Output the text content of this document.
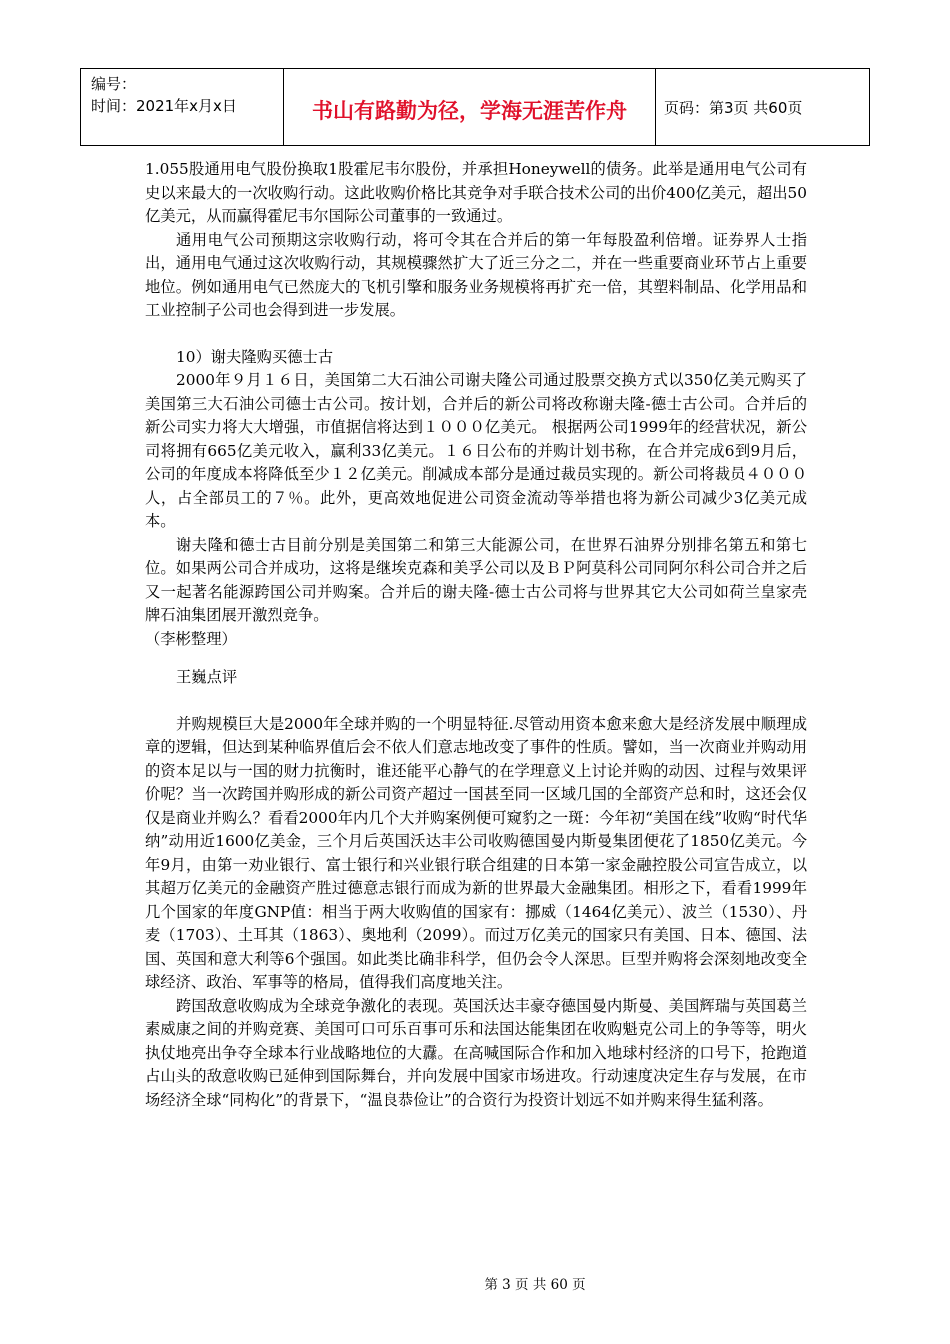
编号：
时间：2021年x月x日	书山有路勤为径，学海无涯苦作舟	页码：第3页 共60页

1.055股通用电气股份换取1股霍尼韦尔股份，并承担Honeywell的债务。此举是通用电气公司有史以来最大的一次收购行动。这此收购价格比其竞争对手联合技术公司的出价400亿美元，超出50亿美元，从而赢得霍尼韦尔国际公司董事的一致通过。

通用电气公司预期这宗收购行动，将可令其在合并后的第一年每股盈利倍增。证券界人士指出，通用电气通过这次收购行动，其规模骤然扩大了近三分之二，并在一些重要商业环节占上重要地位。例如通用电气已然庞大的飞机引擎和服务业务规模将再扩充一倍，其塑料制品、化学用品和工业控制子公司也会得到进一步发展。

10）谢夫隆购买德士古

2000年９月１６日，美国第二大石油公司谢夫隆公司通过股票交换方式以350亿美元购买了美国第三大石油公司德士古公司。按计划，合并后的新公司将改称谢夫隆-德士古公司。合并后的新公司实力将大大增强，市值据信将达到１０００亿美元。 根据两公司1999年的经营状况，新公司将拥有665亿美元收入，赢利33亿美元。１６日公布的并购计划书称，在合并完成6到9月后，公司的年度成本将降低至少１２亿美元。削减成本部分是通过裁员实现的。新公司将裁员４０００人，占全部员工的７％。此外，更高效地促进公司资金流动等举措也将为新公司减少3亿美元成本。

谢夫隆和德士古目前分别是美国第二和第三大能源公司，在世界石油界分别排名第五和第七位。如果两公司合并成功，这将是继埃克森和美孚公司以及ＢＰ阿莫科公司同阿尔科公司合并之后又一起著名能源跨国公司并购案。合并后的谢夫隆-德士古公司将与世界其它大公司如荷兰皇家壳牌石油集团展开激烈竞争。

（李彬整理）

王巍点评

并购规模巨大是2000年全球并购的一个明显特征.尽管动用资本愈来愈大是经济发展中顺理成章的逻辑，但达到某种临界值后会不依人们意志地改变了事件的性质。譬如，当一次商业并购动用的资本足以与一国的财力抗衡时，谁还能平心静气的在学理意义上讨论并购的动因、过程与效果评价呢？当一次跨国并购形成的新公司资产超过一国甚至同一区域几国的全部资产总和时，这还会仅仅是商业并购么？看看2000年内几个大并购案例便可窥豹之一斑：今年初“美国在线”收购“时代华纳”动用近1600亿美金，三个月后英国沃达丰公司收购德国曼内斯曼集团便花了1850亿美元。今年9月，由第一劝业银行、富士银行和兴业银行联合组建的日本第一家金融控股公司宣告成立，以其超万亿美元的金融资产胜过德意志银行而成为新的世界最大金融集团。相形之下，看看1999年几个国家的年度GNP值：相当于两大收购值的国家有：挪威（1464亿美元）、波兰（1530）、丹麦（1703）、土耳其（1863）、奥地利（2099）。而过万亿美元的国家只有美国、日本、德国、法国、英国和意大利等6个强国。如此类比确非科学，但仍会令人深思。巨型并购将会深刻地改变全球经济、政治、军事等的格局，值得我们高度地关注。

跨国敌意收购成为全球竞争激化的表现。英国沃达丰豪夺德国曼内斯曼、美国辉瑞与英国葛兰素威康之间的并购竞赛、美国可口可乐百事可乐和法国达能集团在收购魁克公司上的争等等，明火执仗地亮出争夺全球本行业战略地位的大纛。在高喊国际合作和加入地球村经济的口号下，抢跑道占山头的敌意收购已延伸到国际舞台，并向发展中国家市场进攻。行动速度决定生存与发展，在市场经济全球“同构化”的背景下，“温良恭俭让”的合资行为投资计划远不如并购来得生猛利落。

第 3 页 共 60 页
